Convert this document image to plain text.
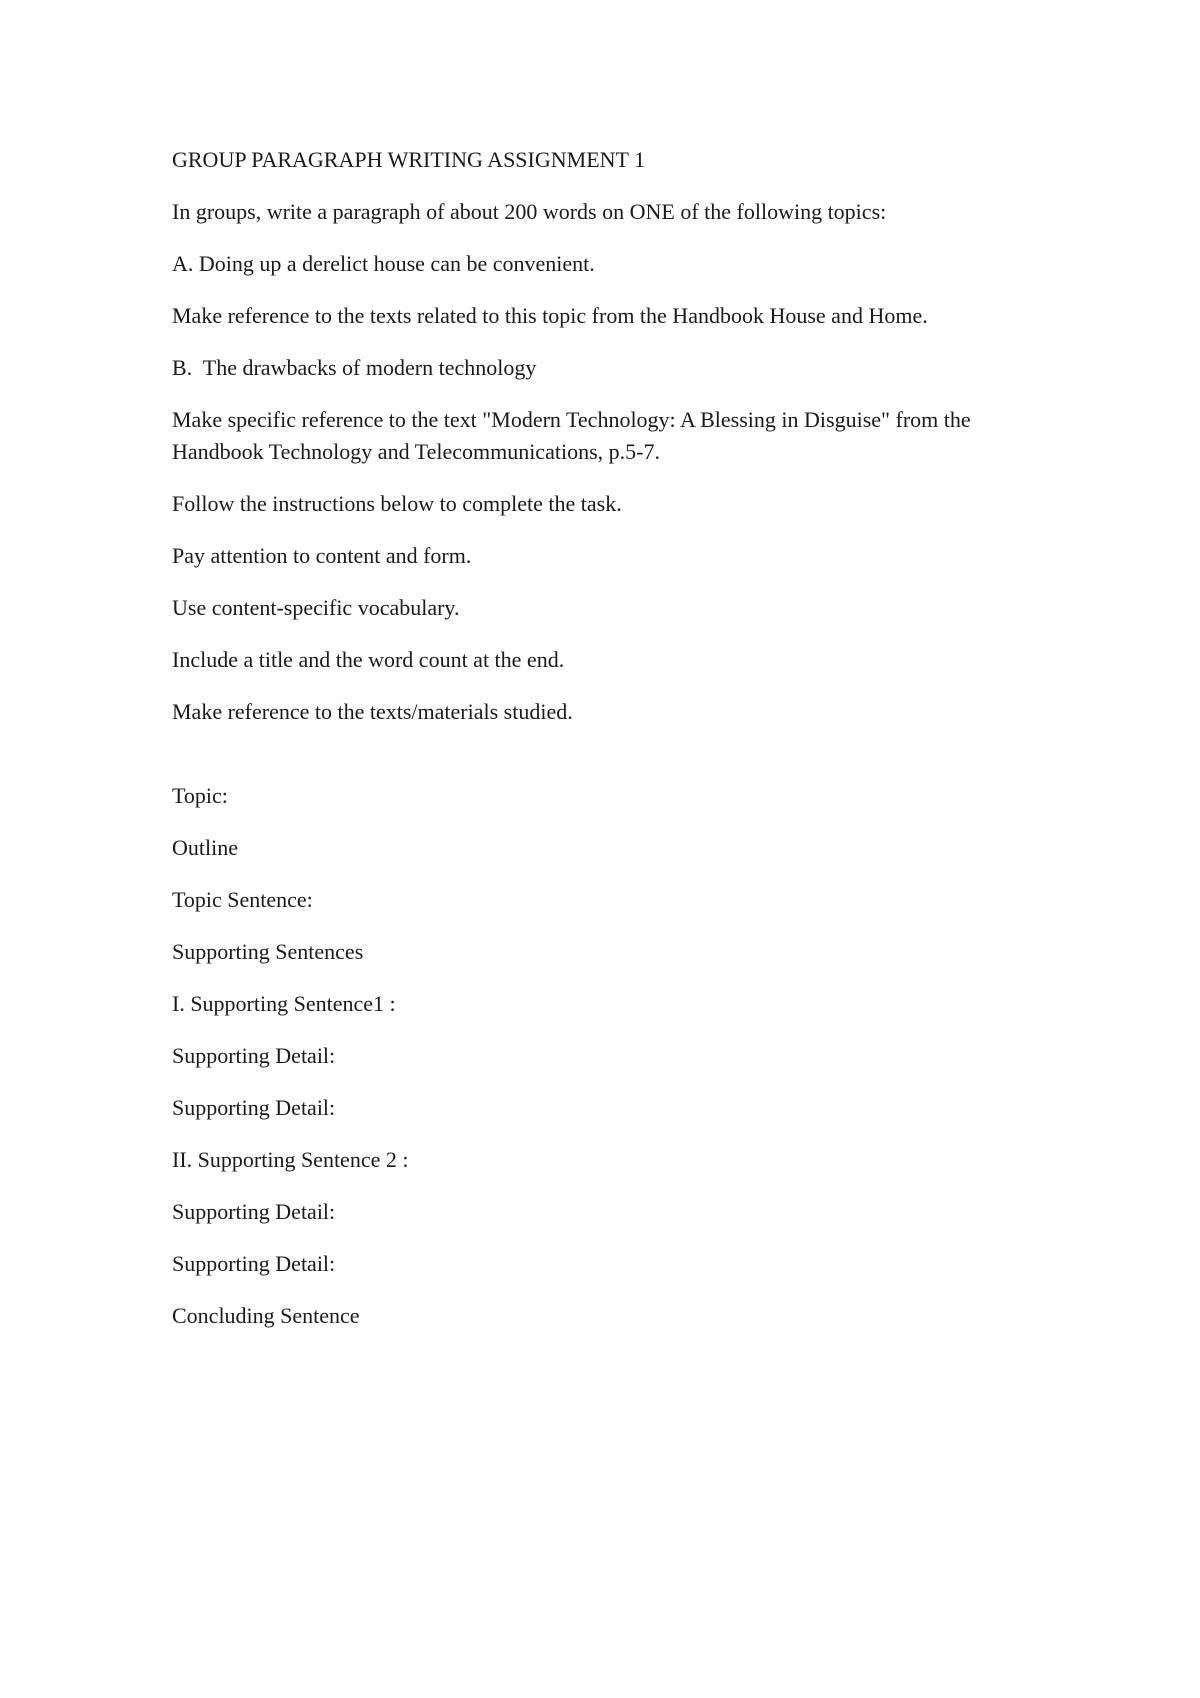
GROUP PARAGRAPH WRITING ASSIGNMENT 1

In groups, write a paragraph of about 200 words on ONE of the following topics:

A. Doing up a derelict house can be convenient.

Make reference to the texts related to this topic from the Handbook House and Home.

B.  The drawbacks of modern technology

Make specific reference to the text "Modern Technology: A Blessing in Disguise" from the Handbook Technology and Telecommunications, p.5-7.

Follow the instructions below to complete the task.

Pay attention to content and form.

Use content-specific vocabulary.

Include a title and the word count at the end.

Make reference to the texts/materials studied.

Topic:

Outline

Topic Sentence:

Supporting Sentences

I. Supporting Sentence1 :

Supporting Detail:

Supporting Detail:

II. Supporting Sentence 2 :

Supporting Detail:

Supporting Detail:

Concluding Sentence
